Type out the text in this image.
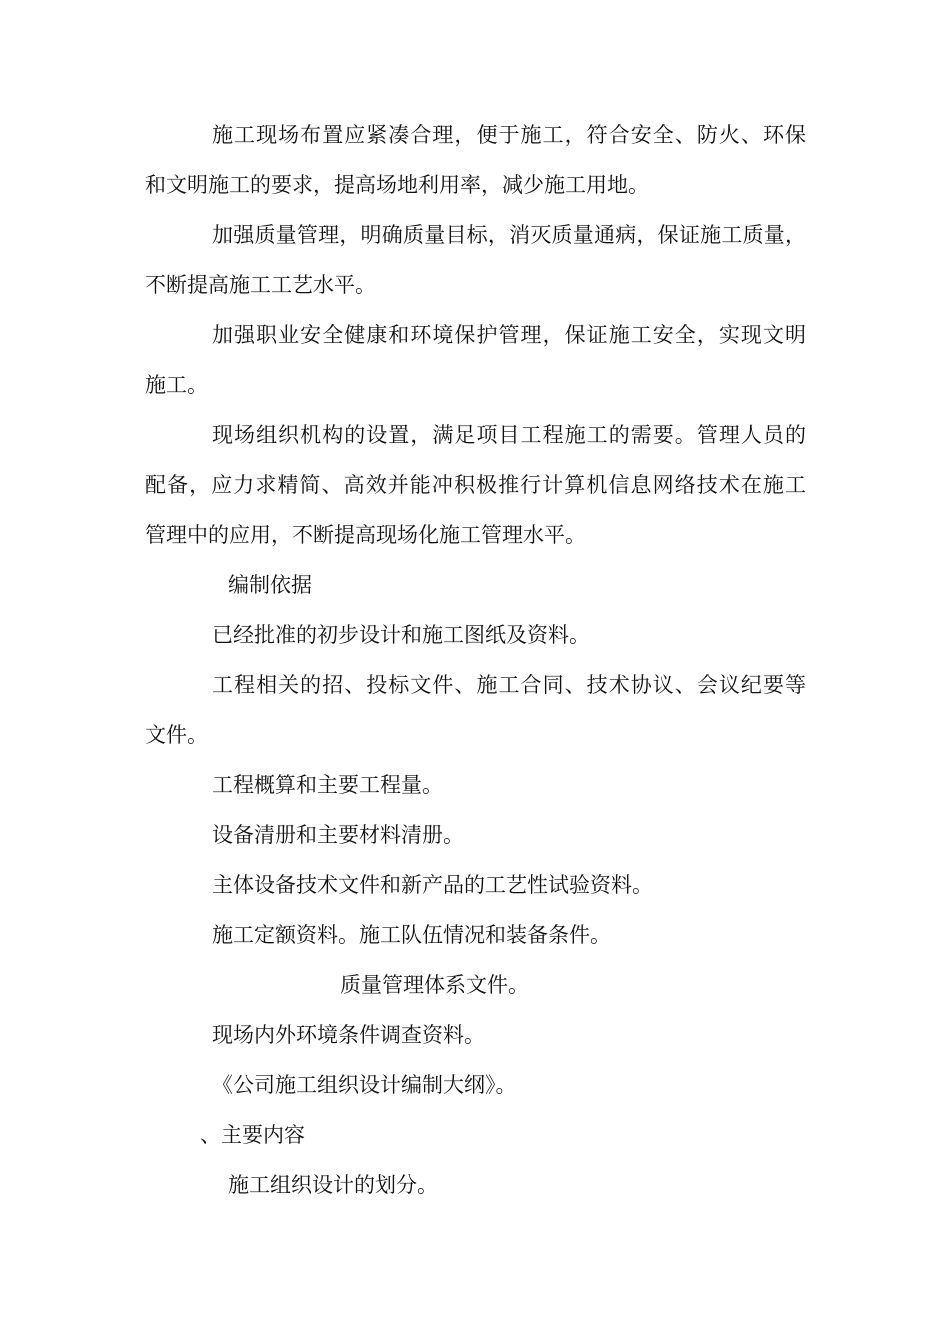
施工现场布置应紧凑合理，便于施工，符合安全、防火、环保
和文明施工的要求，提高场地利用率，减少施工用地。
加强质量管理，明确质量目标，消灭质量通病，保证施工质量，
不断提高施工工艺水平。
加强职业安全健康和环境保护管理，保证施工安全，实现文明
施工。
现场组织机构的设置，满足项目工程施工的需要。管理人员的
配备，应力求精简、高效并能冲积极推行计算机信息网络技术在施工
管理中的应用，不断提高现场化施工管理水平。
编制依据
已经批准的初步设计和施工图纸及资料。
工程相关的招、投标文件、施工合同、技术协议、会议纪要等
文件。
工程概算和主要工程量。
设备清册和主要材料清册。
主体设备技术文件和新产品的工艺性试验资料。
施工定额资料。施工队伍情况和装备条件。
质量管理体系文件。
现场内外环境条件调查资料。
《公司施工组织设计编制大纲》。
、主要内容
施工组织设计的划分。
